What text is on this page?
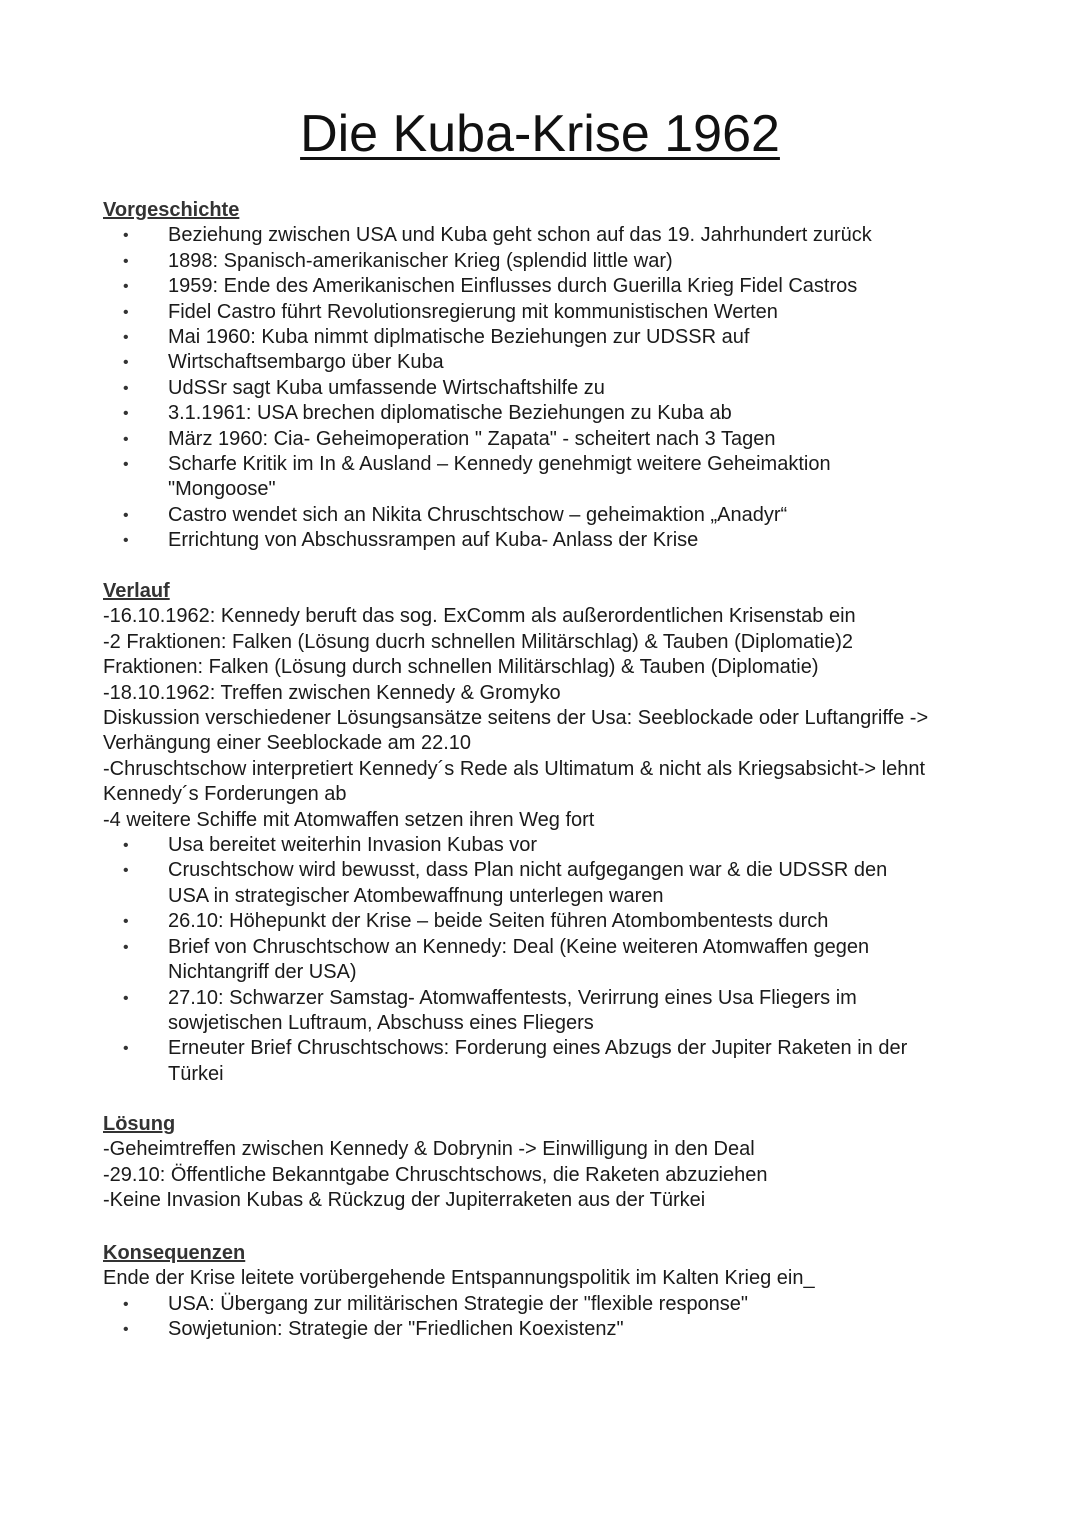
Die Kuba-Krise 1962
Vorgeschichte
• Beziehung zwischen USA und Kuba geht schon auf das 19. Jahrhundert zurück
• 1898: Spanisch-amerikanischer Krieg (splendid little war)
• 1959: Ende des Amerikanischen Einflusses durch Guerilla Krieg Fidel Castros
• Fidel Castro führt Revolutionsregierung mit kommunistischen Werten
• Mai 1960: Kuba nimmt diplmatische Beziehungen zur UDSSR auf
• Wirtschaftsembargo über Kuba
• UdSSr sagt Kuba umfassende Wirtschaftshilfe zu
• 3.1.1961: USA brechen diplomatische Beziehungen zu Kuba ab
• März 1960: Cia- Geheimoperation " Zapata" - scheitert nach 3 Tagen
• Scharfe Kritik im In & Ausland – Kennedy genehmigt weitere Geheimaktion
"Mongoose"
• Castro wendet sich an Nikita Chruschtschow – geheimaktion „Anadyr“
• Errichtung von Abschussrampen auf Kuba- Anlass der Krise
Verlauf
-16.10.1962: Kennedy beruft das sog. ExComm als außerordentlichen Krisenstab ein
-2 Fraktionen: Falken (Lösung ducrh schnellen Militärschlag) & Tauben (Diplomatie)2
Fraktionen: Falken (Lösung durch schnellen Militärschlag) & Tauben (Diplomatie)
-18.10.1962: Treffen zwischen Kennedy & Gromyko
Diskussion verschiedener Lösungsansätze seitens der Usa: Seeblockade oder Luftangriffe ->
Verhängung einer Seeblockade am 22.10
-Chruschtschow interpretiert Kennedy´s Rede als Ultimatum & nicht als Kriegsabsicht-> lehnt
Kennedy´s Forderungen ab
-4 weitere Schiffe mit Atomwaffen setzen ihren Weg fort
• Usa bereitet weiterhin Invasion Kubas vor
• Cruschtschow wird bewusst, dass Plan nicht aufgegangen war & die UDSSR den
USA in strategischer Atombewaffnung unterlegen waren
• 26.10: Höhepunkt der Krise – beide Seiten führen Atombombentests durch
• Brief von Chruschtschow an Kennedy: Deal (Keine weiteren Atomwaffen gegen
Nichtangriff der USA)
• 27.10: Schwarzer Samstag- Atomwaffentests, Verirrung eines Usa Fliegers im
sowjetischen Luftraum, Abschuss eines Fliegers
• Erneuter Brief Chruschtschows: Forderung eines Abzugs der Jupiter Raketen in der
Türkei
Lösung
-Geheimtreffen zwischen Kennedy & Dobrynin -> Einwilligung in den Deal
-29.10: Öffentliche Bekanntgabe Chruschtschows, die Raketen abzuziehen
-Keine Invasion Kubas & Rückzug der Jupiterraketen aus der Türkei
Konsequenzen
Ende der Krise leitete vorübergehende Entspannungspolitik im Kalten Krieg ein_
• USA: Übergang zur militärischen Strategie der "flexible response"
• Sowjetunion: Strategie der "Friedlichen Koexistenz"
